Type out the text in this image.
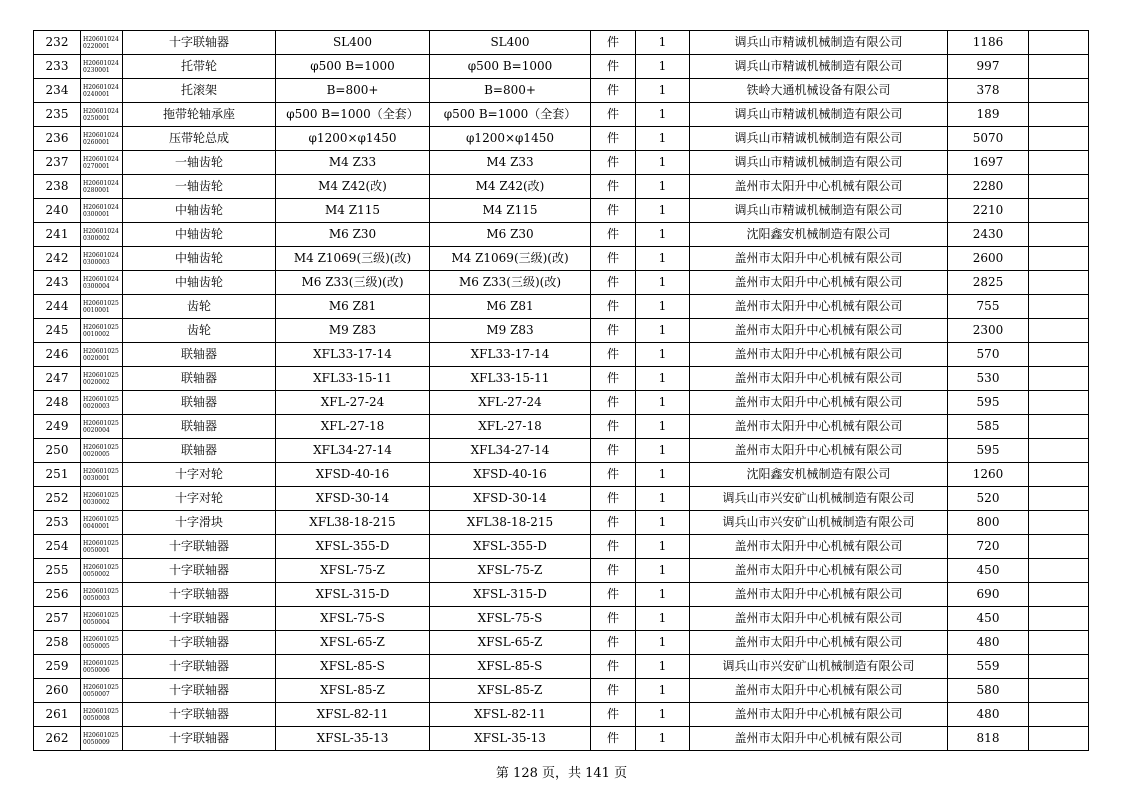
232	H20601024 0220001	十字联轴器	SL400	SL400	件	1	调兵山市精诚机械制造有限公司	1186	
233	H20601024 0230001	托带轮	φ500 B=1000	φ500 B=1000	件	1	调兵山市精诚机械制造有限公司	997	
234	H20601024 0240001	托滚架	B=800+	B=800+	件	1	铁岭大通机械设备有限公司	378	
235	H20601024 0250001	拖带轮轴承座	φ500 B=1000（全套）	φ500 B=1000（全套）	件	1	调兵山市精诚机械制造有限公司	189	
236	H20601024 0260001	压带轮总成	φ1200×φ1450	φ1200×φ1450	件	1	调兵山市精诚机械制造有限公司	5070	
237	H20601024 0270001	一轴齿轮	M4 Z33	M4 Z33	件	1	调兵山市精诚机械制造有限公司	1697	
238	H20601024 0280001	一轴齿轮	M4 Z42(改)	M4 Z42(改)	件	1	盖州市太阳升中心机械有限公司	2280	
240	H20601024 0300001	中轴齿轮	M4 Z115	M4 Z115	件	1	调兵山市精诚机械制造有限公司	2210	
241	H20601024 0300002	中轴齿轮	M6 Z30	M6 Z30	件	1	沈阳鑫安机械制造有限公司	2430	
242	H20601024 0300003	中轴齿轮	M4 Z1069(三级)(改)	M4 Z1069(三级)(改)	件	1	盖州市太阳升中心机械有限公司	2600	
243	H20601024 0300004	中轴齿轮	M6 Z33(三级)(改)	M6 Z33(三级)(改)	件	1	盖州市太阳升中心机械有限公司	2825	
244	H20601025 0010001	齿轮	M6 Z81	M6 Z81	件	1	盖州市太阳升中心机械有限公司	755	
245	H20601025 0010002	齿轮	M9 Z83	M9 Z83	件	1	盖州市太阳升中心机械有限公司	2300	
246	H20601025 0020001	联轴器	XFL33-17-14	XFL33-17-14	件	1	盖州市太阳升中心机械有限公司	570	
247	H20601025 0020002	联轴器	XFL33-15-11	XFL33-15-11	件	1	盖州市太阳升中心机械有限公司	530	
248	H20601025 0020003	联轴器	XFL-27-24	XFL-27-24	件	1	盖州市太阳升中心机械有限公司	595	
249	H20601025 0020004	联轴器	XFL-27-18	XFL-27-18	件	1	盖州市太阳升中心机械有限公司	585	
250	H20601025 0020005	联轴器	XFL34-27-14	XFL34-27-14	件	1	盖州市太阳升中心机械有限公司	595	
251	H20601025 0030001	十字对轮	XFSD-40-16	XFSD-40-16	件	1	沈阳鑫安机械制造有限公司	1260	
252	H20601025 0030002	十字对轮	XFSD-30-14	XFSD-30-14	件	1	调兵山市兴安矿山机械制造有限公司	520	
253	H20601025 0040001	十字滑块	XFL38-18-215	XFL38-18-215	件	1	调兵山市兴安矿山机械制造有限公司	800	
254	H20601025 0050001	十字联轴器	XFSL-355-D	XFSL-355-D	件	1	盖州市太阳升中心机械有限公司	720	
255	H20601025 0050002	十字联轴器	XFSL-75-Z	XFSL-75-Z	件	1	盖州市太阳升中心机械有限公司	450	
256	H20601025 0050003	十字联轴器	XFSL-315-D	XFSL-315-D	件	1	盖州市太阳升中心机械有限公司	690	
257	H20601025 0050004	十字联轴器	XFSL-75-S	XFSL-75-S	件	1	盖州市太阳升中心机械有限公司	450	
258	H20601025 0050005	十字联轴器	XFSL-65-Z	XFSL-65-Z	件	1	盖州市太阳升中心机械有限公司	480	
259	H20601025 0050006	十字联轴器	XFSL-85-S	XFSL-85-S	件	1	调兵山市兴安矿山机械制造有限公司	559	
260	H20601025 0050007	十字联轴器	XFSL-85-Z	XFSL-85-Z	件	1	盖州市太阳升中心机械有限公司	580	
261	H20601025 0050008	十字联轴器	XFSL-82-11	XFSL-82-11	件	1	盖州市太阳升中心机械有限公司	480	
262	H20601025 0050009	十字联轴器	XFSL-35-13	XFSL-35-13	件	1	盖州市太阳升中心机械有限公司	818	
第 128 页，共 141 页
